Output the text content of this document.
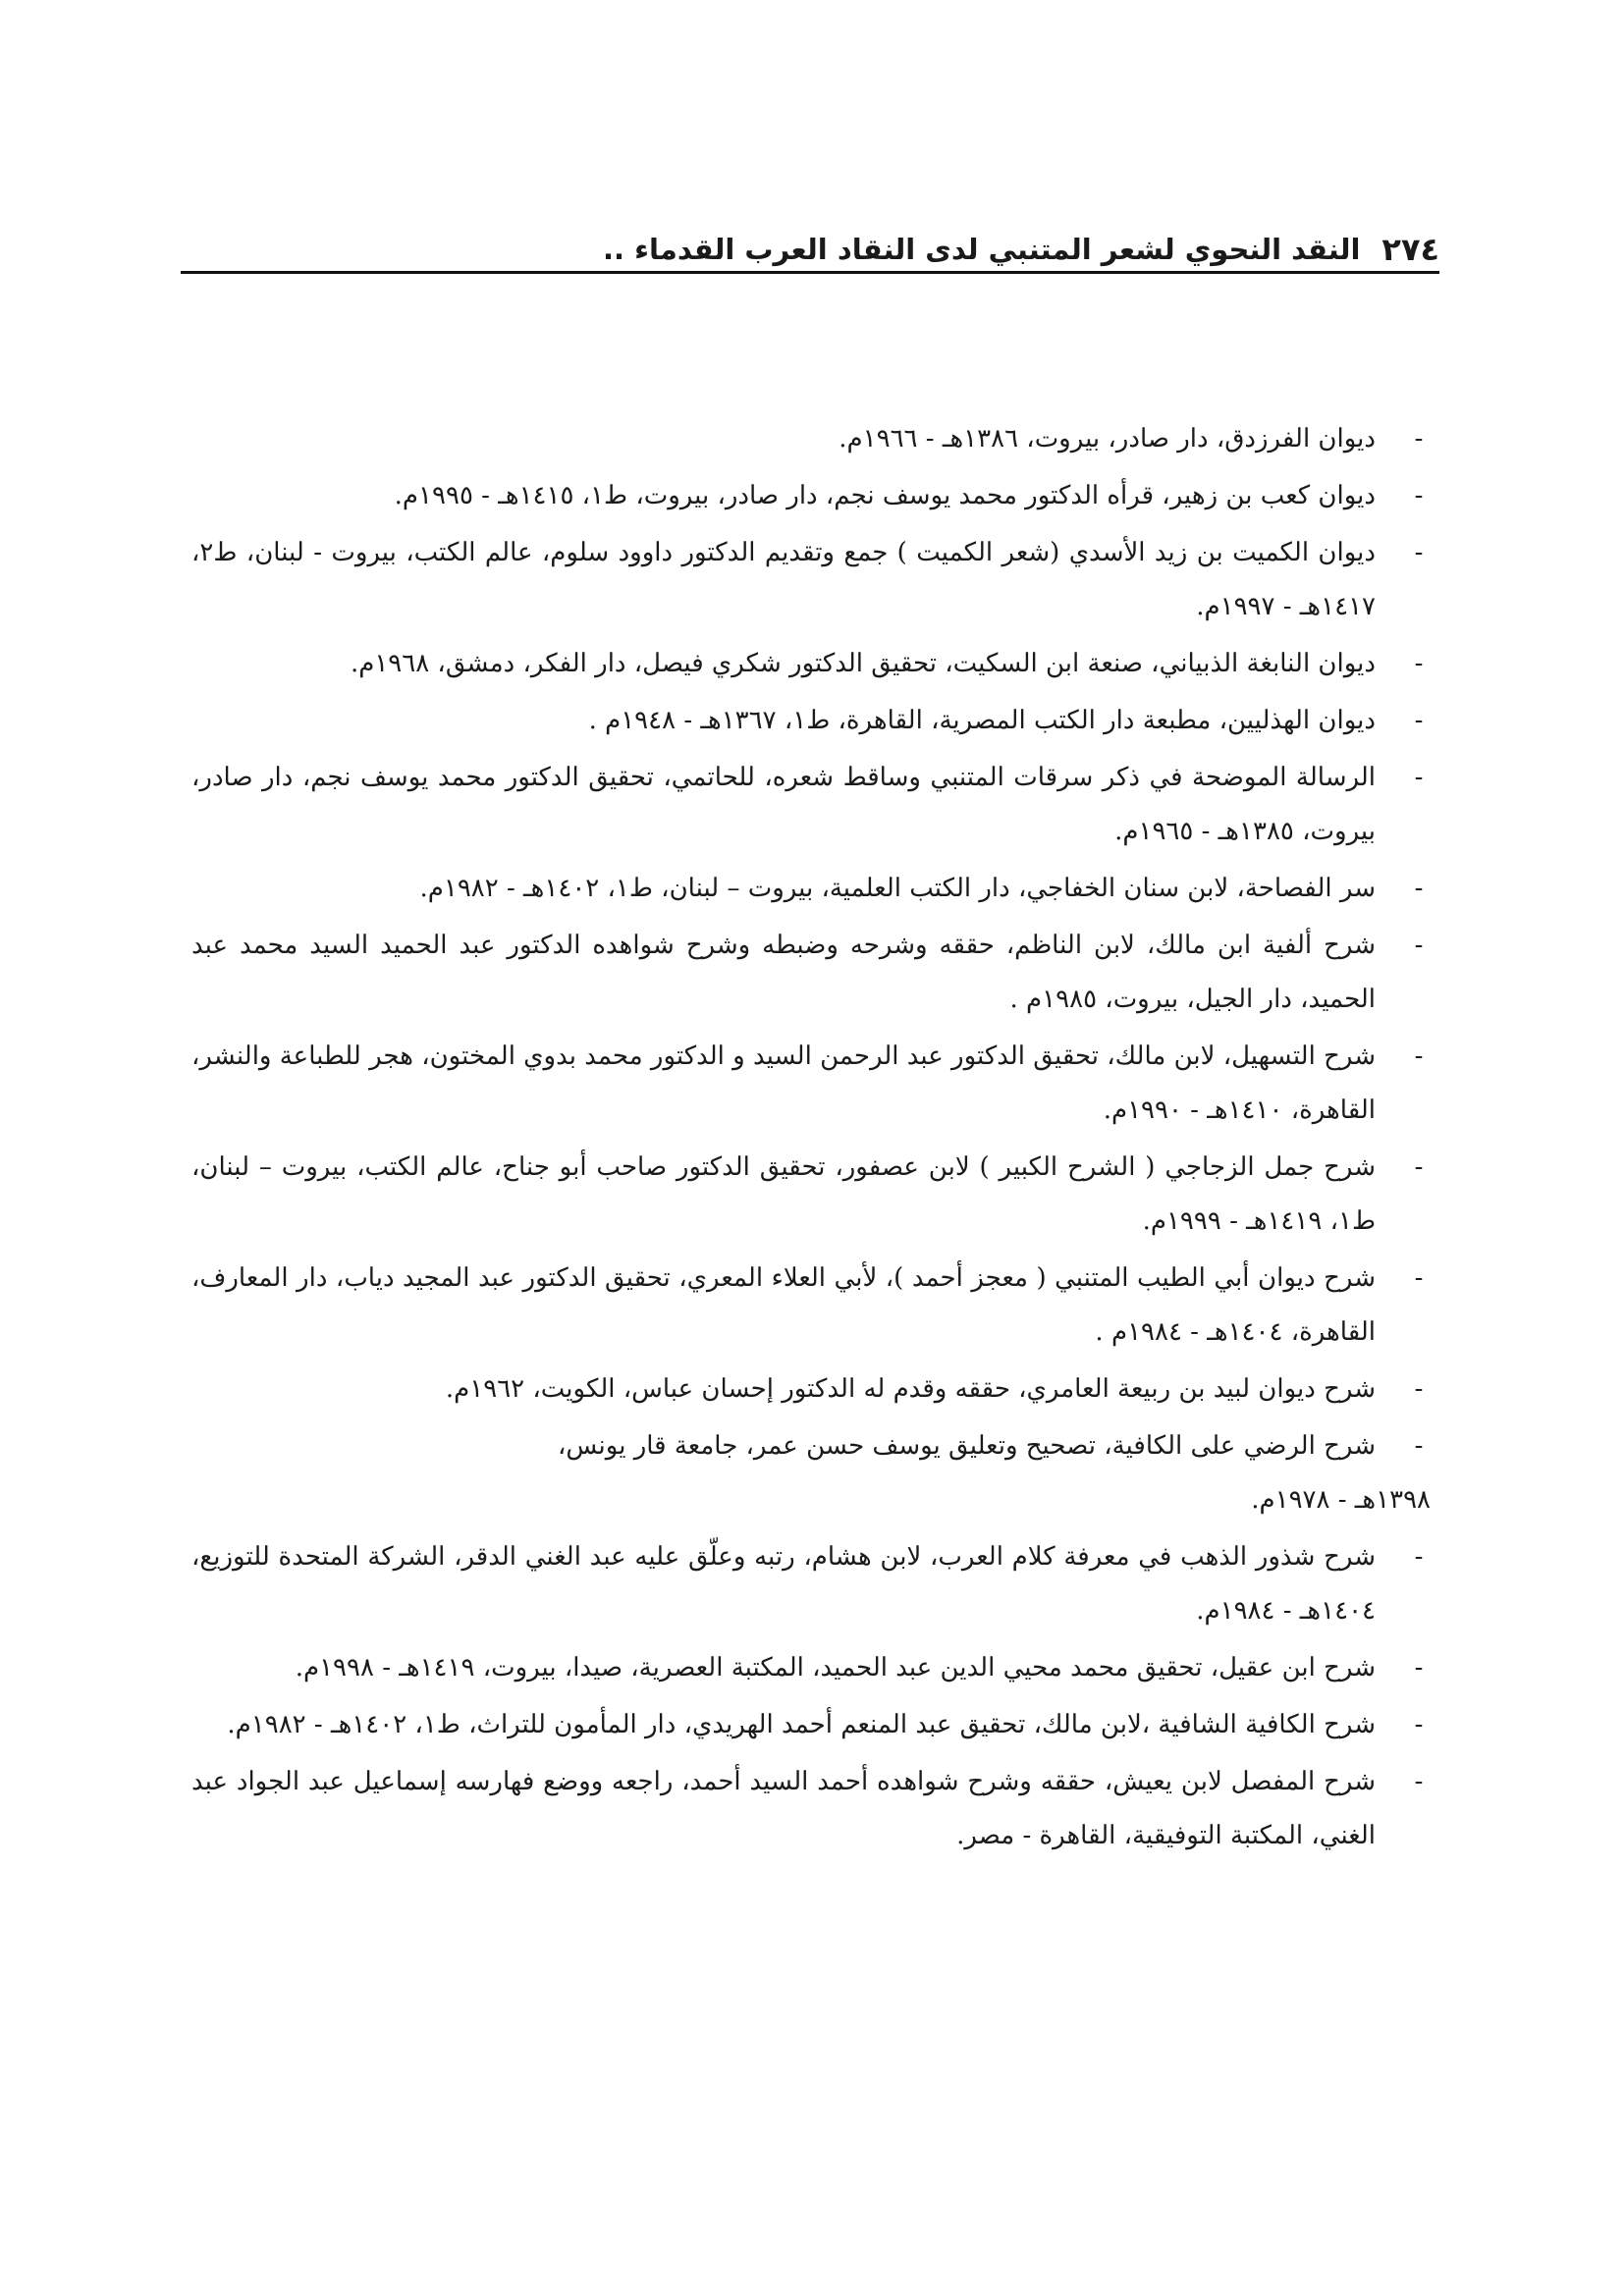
٢٧٤
النقد النحوي لشعر المتنبي لدى النقاد العرب القدماء ..
-
ديوان الفرزدق، دار صادر، بيروت، ١٣٨٦هـ - ١٩٦٦م.
-
ديوان كعب بن زهير، قرأه الدكتور محمد يوسف نجم، دار صادر، بيروت، ط١، ١٤١٥هـ - ١٩٩٥م.
-
ديوان الكميت بن زيد الأسدي (شعر الكميت ) جمع وتقديم الدكتور داوود سلوم، عالم الكتب، بيروت - لبنان، ط٢، ١٤١٧هـ - ١٩٩٧م.
-
ديوان النابغة الذبياني، صنعة ابن السكيت، تحقيق الدكتور شكري فيصل، دار الفكر، دمشق، ١٩٦٨م.
-
ديوان الهذليين، مطبعة دار الكتب المصرية، القاهرة، ط١، ١٣٦٧هـ - ١٩٤٨م .
-
الرسالة الموضحة في ذكر سرقات المتنبي وساقط شعره، للحاتمي، تحقيق الدكتور محمد يوسف نجم، دار صادر، بيروت، ١٣٨٥هـ - ١٩٦٥م.
-
سر الفصاحة، لابن سنان الخفاجي، دار الكتب العلمية، بيروت – لبنان، ط١، ١٤٠٢هـ - ١٩٨٢م.
-
شرح ألفية ابن مالك، لابن الناظم، حققه وشرحه وضبطه وشرح شواهده الدكتور عبد الحميد السيد محمد عبد الحميد، دار الجيل، بيروت، ١٩٨٥م .
-
شرح التسهيل، لابن مالك، تحقيق الدكتور عبد الرحمن السيد و الدكتور محمد بدوي المختون، هجر للطباعة والنشر، القاهرة، ١٤١٠هـ - ١٩٩٠م.
-
شرح جمل الزجاجي ( الشرح الكبير ) لابن عصفور، تحقيق الدكتور صاحب أبو جناح، عالم الكتب، بيروت – لبنان، ط١، ١٤١٩هـ - ١٩٩٩م.
-
شرح ديوان أبي الطيب المتنبي ( معجز أحمد )، لأبي العلاء المعري، تحقيق الدكتور عبد المجيد دياب، دار المعارف، القاهرة، ١٤٠٤هـ - ١٩٨٤م .
-
شرح ديوان لبيد بن ربيعة العامري، حققه وقدم له الدكتور إحسان عباس، الكويت، ١٩٦٢م.
-
شرح الرضي على الكافية، تصحيح وتعليق يوسف حسن عمر، جامعة قار يونس،
١٣٩٨هـ - ١٩٧٨م.
-
شرح شذور الذهب في معرفة كلام العرب، لابن هشام، رتبه وعلّق عليه عبد الغني الدقر، الشركة المتحدة للتوزيع، ١٤٠٤هـ - ١٩٨٤م.
-
شرح ابن عقيل، تحقيق محمد محيي الدين عبد الحميد، المكتبة العصرية، صيدا، بيروت، ١٤١٩هـ - ١٩٩٨م.
-
شرح الكافية الشافية ،لابن مالك، تحقيق عبد المنعم أحمد الهريدي، دار المأمون للتراث، ط١، ١٤٠٢هـ - ١٩٨٢م.
-
شرح المفصل لابن يعيش، حققه وشرح شواهده أحمد السيد أحمد، راجعه ووضع فهارسه إسماعيل عبد الجواد عبد الغني، المكتبة التوفيقية، القاهرة - مصر.
